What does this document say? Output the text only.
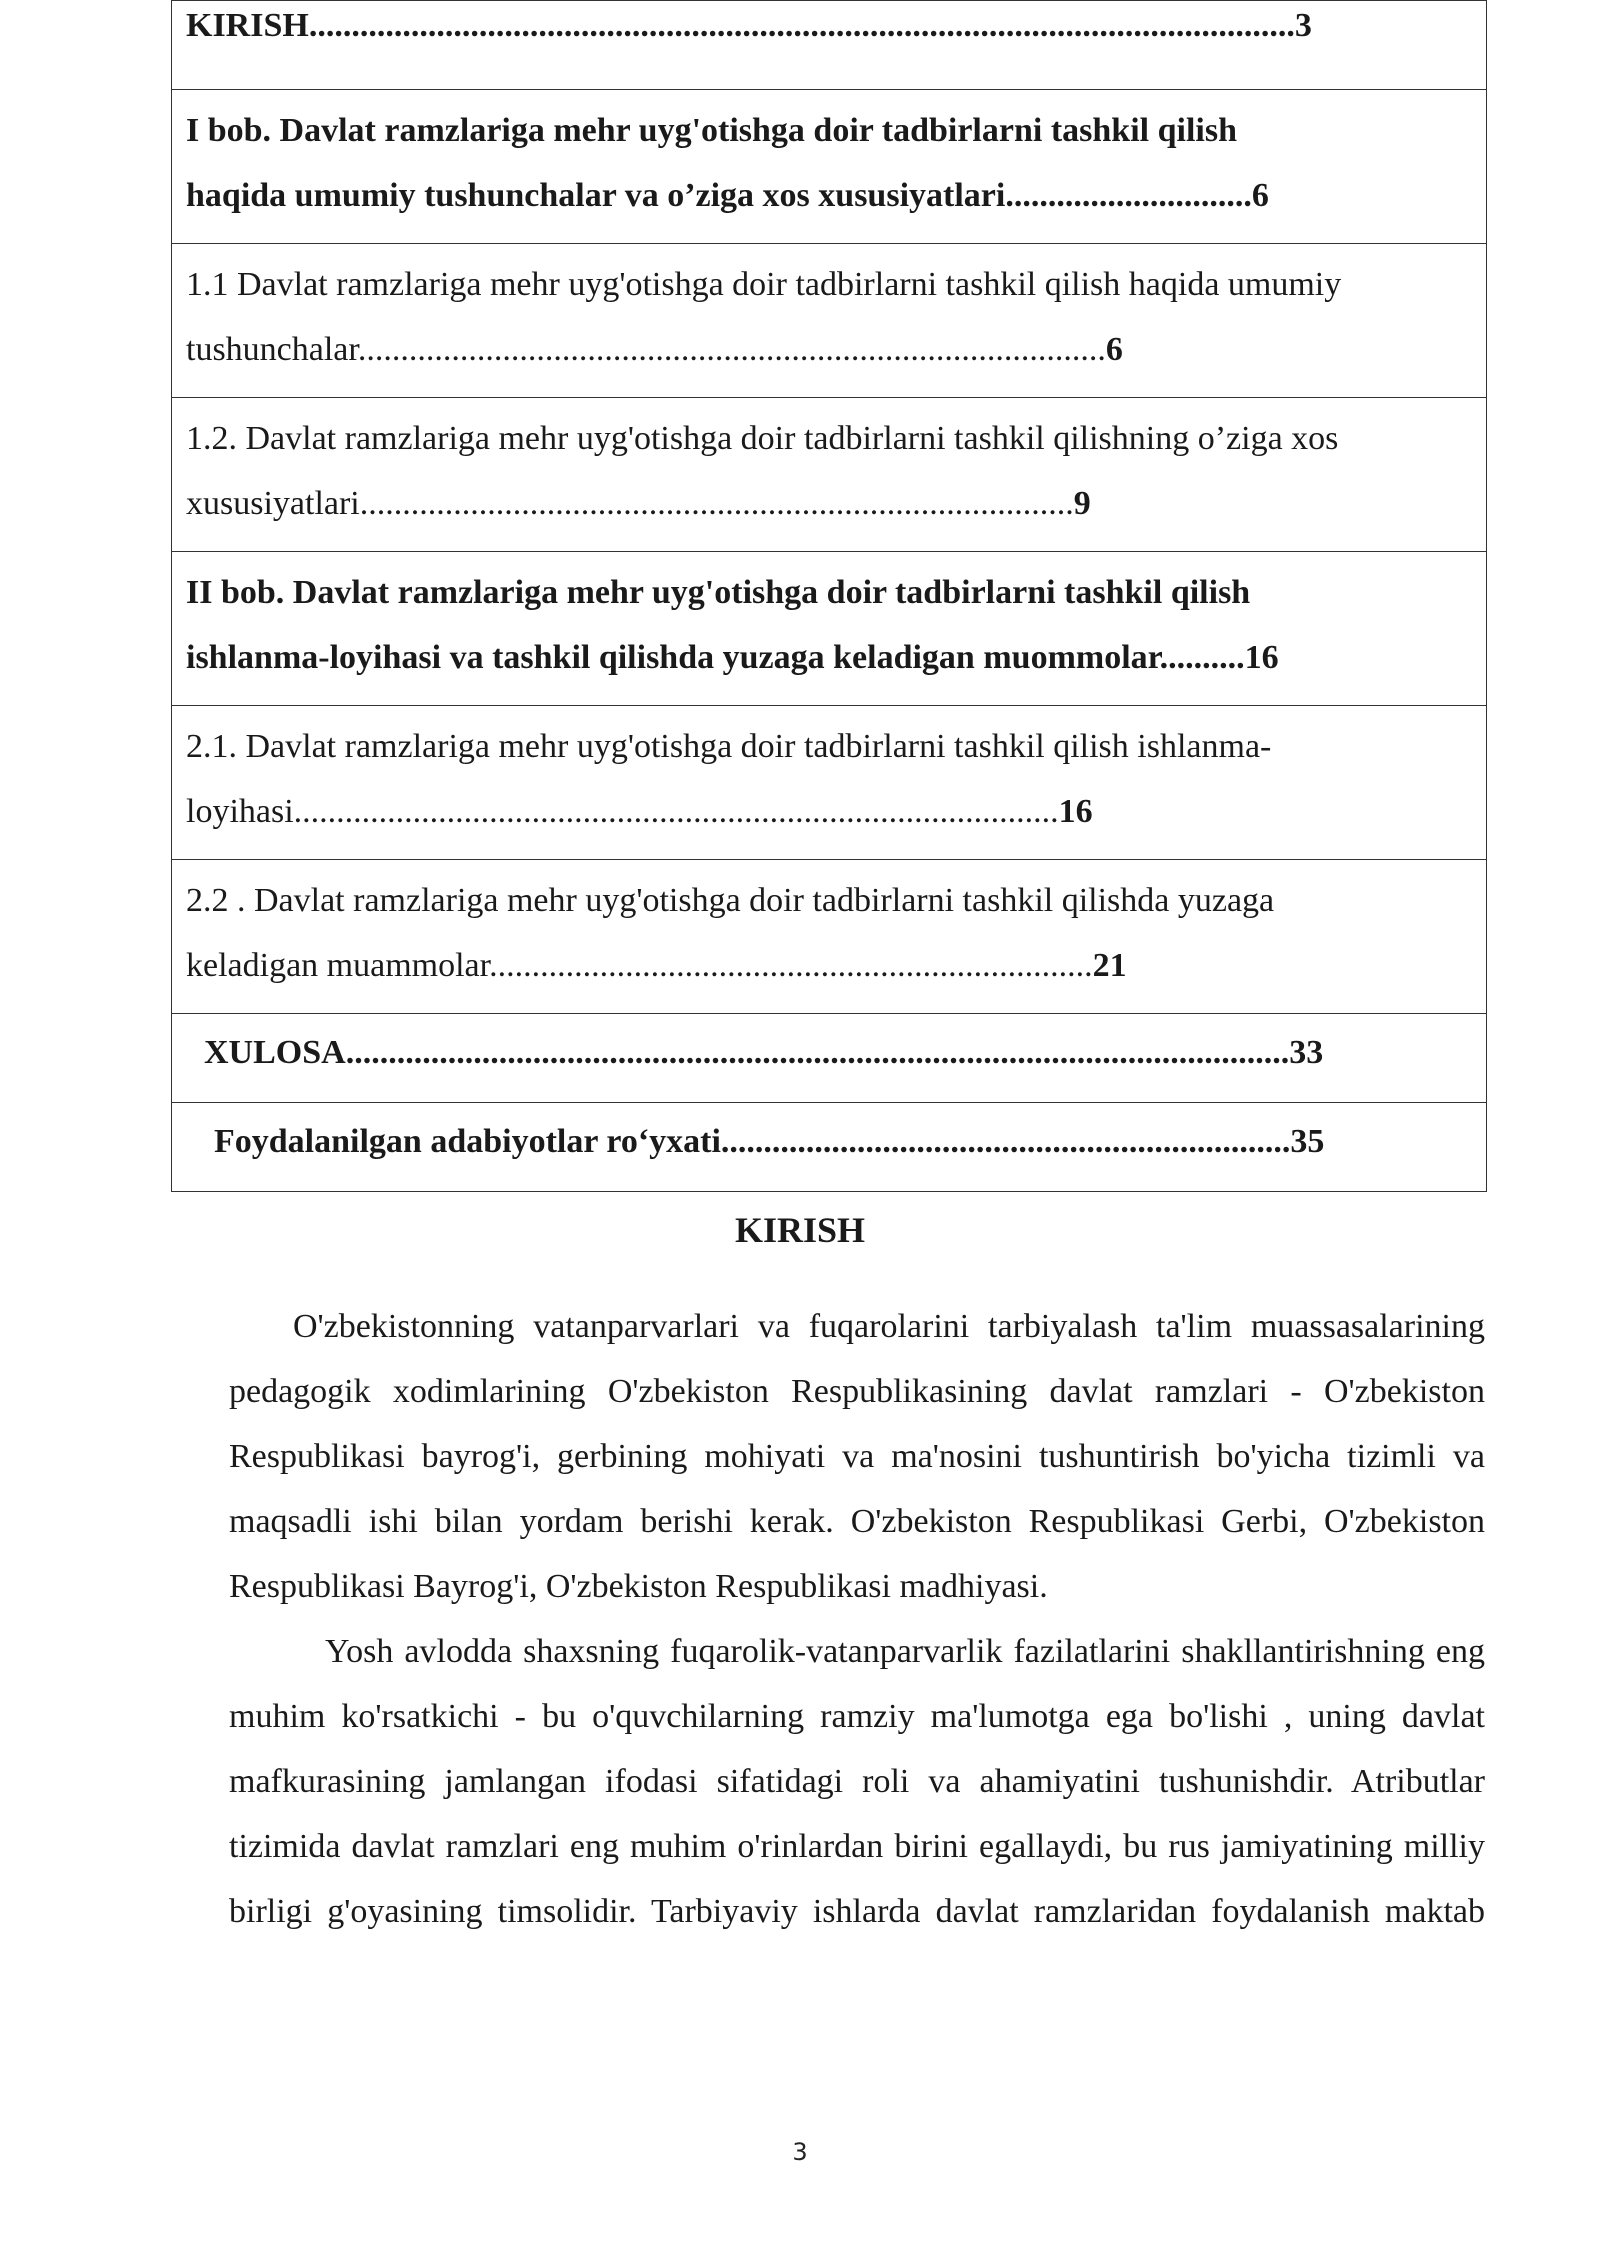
KIRISH....................................................................................................................3
I bob. Davlat ramzlariga mehr uyg'otishga doir tadbirlarni tashkil qilish
haqida umumiy tushunchalar va o’ziga xos xususiyatlari.............................6
1.1 Davlat ramzlariga mehr uyg'otishga doir tadbirlarni tashkil qilish haqida umumiy
tushunchalar........................................................................................6
1.2. Davlat ramzlariga mehr uyg'otishga doir tadbirlarni tashkil qilishning o’ziga xos
xususiyatlari....................................................................................9
II bob. Davlat ramzlariga mehr uyg'otishga doir tadbirlarni tashkil qilish
ishlanma-loyihasi va tashkil qilishda yuzaga keladigan muommolar..........16
2.1. Davlat ramzlariga mehr uyg'otishga doir tadbirlarni tashkil qilish ishlanma-
loyihasi..........................................................................................16
2.2 . Davlat ramzlariga mehr uyg'otishga doir tadbirlarni tashkil qilishda yuzaga
keladigan muammolar.......................................................................21
XULOSA...............................................................................................................33
Foydalanilgan adabiyotlar ro‘yxati...................................................................35
KIRISH

O'zbekistonning vatanparvarlari va fuqarolarini tarbiyalash ta'lim muassasalarining pedagogik xodimlarining O'zbekiston Respublikasining davlat ramzlari - O'zbekiston Respublikasi bayrog'i, gerbining mohiyati va ma'nosini tushuntirish bo'yicha tizimli va maqsadli ishi bilan yordam berishi kerak. O'zbekiston Respublikasi Gerbi, O'zbekiston Respublikasi Bayrog'i, O'zbekiston Respublikasi madhiyasi.

Yosh avlodda shaxsning fuqarolik-vatanparvarlik fazilatlarini shakllantirishning eng muhim ko'rsatkichi - bu o'quvchilarning ramziy ma'lumotga ega bo'lishi , uning davlat mafkurasining jamlangan ifodasi sifatidagi roli va ahamiyatini tushunishdir. Atributlar tizimida davlat ramzlari eng muhim o'rinlardan birini egallaydi, bu rus jamiyatining milliy birligi g'oyasining timsolidir. Tarbiyaviy ishlarda davlat ramzlaridan foydalanish maktab

3
